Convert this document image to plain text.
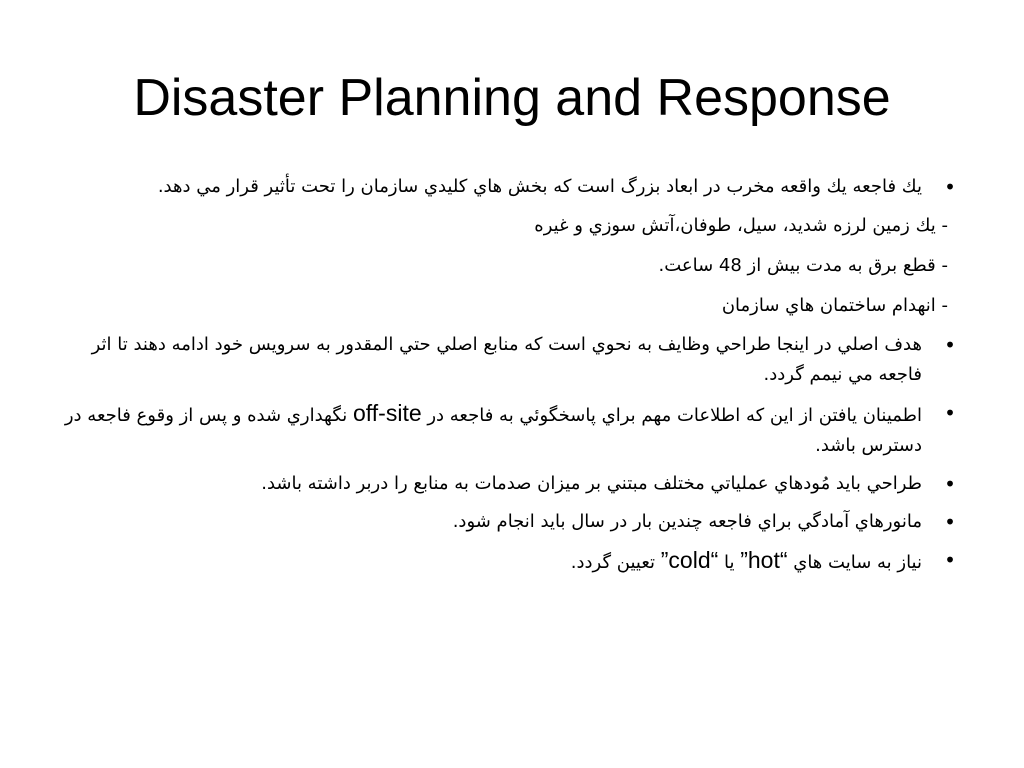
Disaster Planning and Response
•
يك فاجعه يك واقعه مخرب در ابعاد بزرگ است كه بخش هاي كليدي سازمان را تحت تأثير قرار مي دهد.
- يك زمين لرزه شديد، سيل، طوفان،آتش سوزي و غيره
- قطع برق به مدت بيش از 48 ساعت.
- انهدام ساختمان هاي سازمان
•
هدف اصلي در اينجا طراحي وظايف به نحوي است كه منابع اصلي حتي المقدور به سرويس خود ادامه دهند تا اثر فاجعه مي نيمم گردد.
•
اطمينان يافتن از اين كه اطلاعات مهم براي پاسخگوئي به فاجعه در off-site نگهداري شده و پس از وقوع فاجعه در دسترس باشد.
•
طراحي بايد مُودهاي عملياتي مختلف مبتني بر ميزان صدمات به منابع را دربر داشته باشد.
•
مانورهاي آمادگي براي فاجعه چندين بار در سال بايد انجام شود.
•
نياز به سايت هاي ”hot“ يا ”cold“ تعيين گردد.
